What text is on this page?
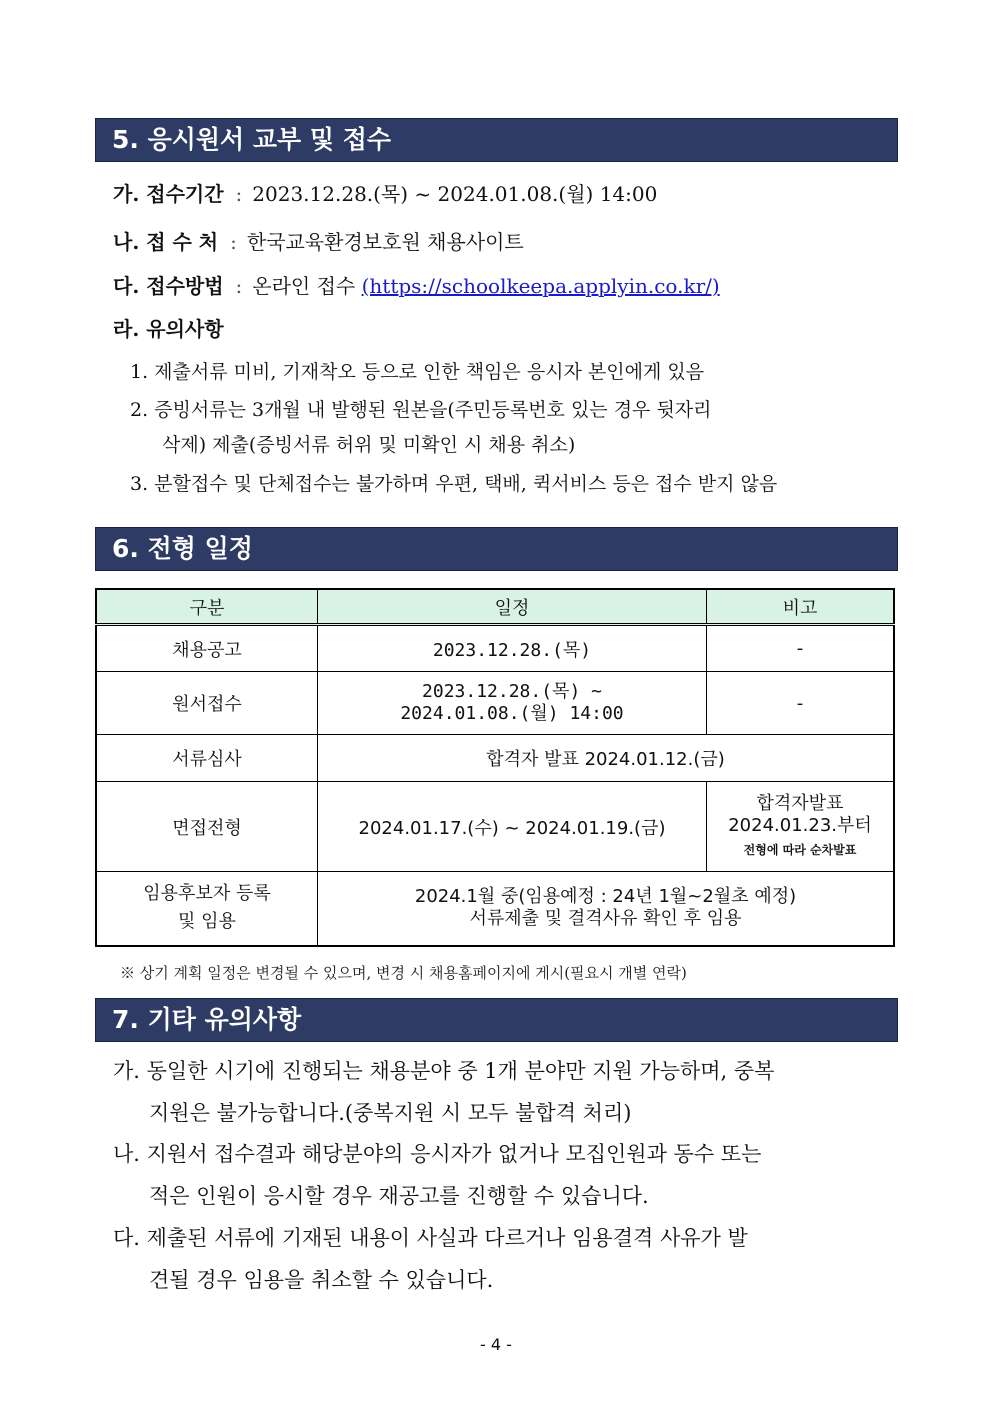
5. 응시원서 교부 및 접수
가. 접수기간 : 2023.12.28.(목) ~ 2024.01.08.(월) 14:00
나. 접 수 처 : 한국교육환경보호원 채용사이트
다. 접수방법 : 온라인 접수 (https://schoolkeepa.applyin.co.kr/)
라. 유의사항
1. 제출서류 미비, 기재착오 등으로 인한 책임은 응시자 본인에게 있음
2. 증빙서류는 3개월 내 발행된 원본을(주민등록번호 있는 경우 뒷자리
삭제) 제출(증빙서류 허위 및 미확인 시 채용 취소)
3. 분할접수 및 단체접수는 불가하며 우편, 택배, 퀵서비스 등은 접수 받지 않음
6. 전형 일정
구분	일정	비고
채용공고	2023.12.28.(목)	-
원서접수	2023.12.28.(목) ~
2024.01.08.(월) 14:00	-
서류심사	합격자 발표 2024.01.12.(금)	
면접전형	2024.01.17.(수) ~ 2024.01.19.(금)	합격자발표
2024.01.23.부터
전형에 따라 순차발표

임용후보자 등록
및 임용	2024.1월 중(임용예정 : 24년 1월~2월초 예정)
서류제출 및 결격사유 확인 후 임용	
※ 상기 계획 일정은 변경될 수 있으며, 변경 시 채용홈페이지에 게시(필요시 개별 연락)
7. 기타 유의사항
가. 동일한 시기에 진행되는 채용분야 중 1개 분야만 지원 가능하며, 중복
지원은 불가능합니다.(중복지원 시 모두 불합격 처리)
나. 지원서 접수결과 해당분야의 응시자가 없거나 모집인원과 동수 또는
적은 인원이 응시할 경우 재공고를 진행할 수 있습니다.
다. 제출된 서류에 기재된 내용이 사실과 다르거나 임용결격 사유가 발
견될 경우 임용을 취소할 수 있습니다.
- 4 -
